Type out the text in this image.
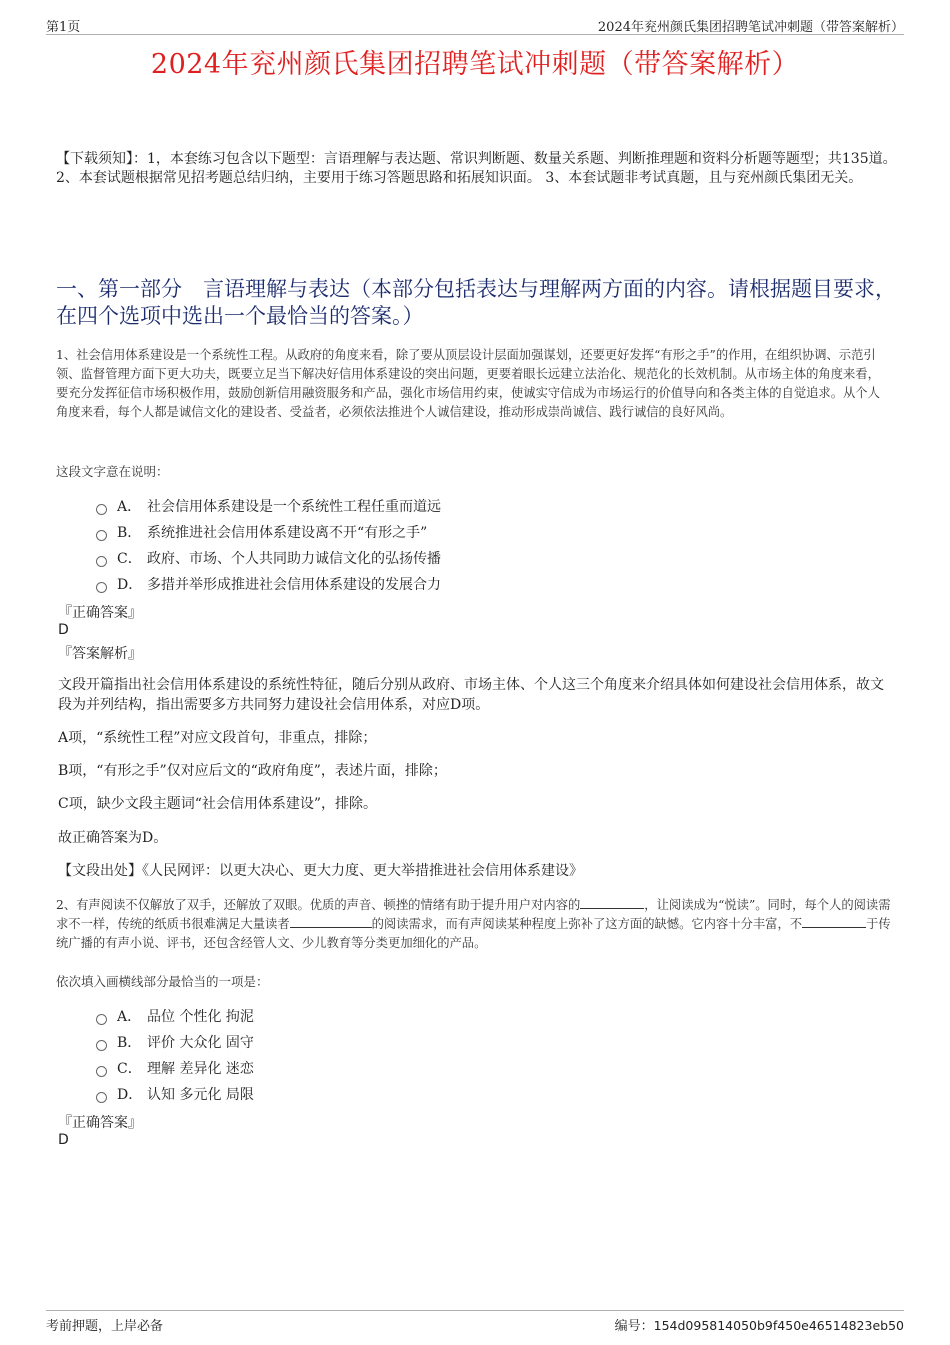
第1页	2024年兖州颜氏集团招聘笔试冲刺题（带答案解析）
2024年兖州颜氏集团招聘笔试冲刺题（带答案解析）
【下载须知】：1，本套练习包含以下题型：言语理解与表达题、常识判断题、数量关系题、判断推理题和资料分析题等题型；共135道。 2、本套试题根据常见招考题总结归纳，主要用于练习答题思路和拓展知识面。 3、本套试题非考试真题，且与兖州颜氏集团无关。
一、第一部分　言语理解与表达（本部分包括表达与理解两方面的内容。请根据题目要求，在四个选项中选出一个最恰当的答案。）
1、社会信用体系建设是一个系统性工程。从政府的角度来看，除了要从顶层设计层面加强谋划，还要更好发挥“有形之手”的作用，在组织协调、示范引领、监督管理方面下更大功夫，既要立足当下解决好信用体系建设的突出问题，更要着眼长远建立法治化、规范化的长效机制。从市场主体的角度来看，要充分发挥征信市场积极作用，鼓励创新信用融资服务和产品，强化市场信用约束，使诚实守信成为市场运行的价值导向和各类主体的自觉追求。从个人角度来看，每个人都是诚信文化的建设者、受益者，必须依法推进个人诚信建设，推动形成崇尚诚信、践行诚信的良好风尚。
这段文字意在说明：
A． 社会信用体系建设是一个系统性工程任重而道远
B． 系统推进社会信用体系建设离不开“有形之手”
C． 政府、市场、个人共同助力诚信文化的弘扬传播
D． 多措并举形成推进社会信用体系建设的发展合力
『正确答案』
D
『答案解析』
文段开篇指出社会信用体系建设的系统性特征，随后分别从政府、市场主体、个人这三个角度来介绍具体如何建设社会信用体系，故文段为并列结构，指出需要多方共同努力建设社会信用体系，对应D项。
A项，“系统性工程”对应文段首句，非重点，排除；
B项，“有形之手”仅对应后文的“政府角度”，表述片面，排除；
C项，缺少文段主题词“社会信用体系建设”，排除。
故正确答案为D。
【文段出处】《人民网评：以更大决心、更大力度、更大举措推进社会信用体系建设》
2、有声阅读不仅解放了双手，还解放了双眼。优质的声音、顿挫的情绪有助于提升用户对内容的	，让阅读成为“悦读”。同时，每个人的阅读需求不一样，传统的纸质书很难满足大量读者	的阅读需求，而有声阅读某种程度上弥补了这方面的缺憾。它内容十分丰富，不	于传统广播的有声小说、评书，还包含经管人文、少儿教育等分类更加细化的产品。
依次填入画横线部分最恰当的一项是：
A． 品位 个性化 拘泥
B． 评价 大众化 固守
C． 理解 差异化 迷恋
D． 认知 多元化 局限
『正确答案』
D
考前押题，上岸必备	编号：154d095814050b9f450e46514823eb50
